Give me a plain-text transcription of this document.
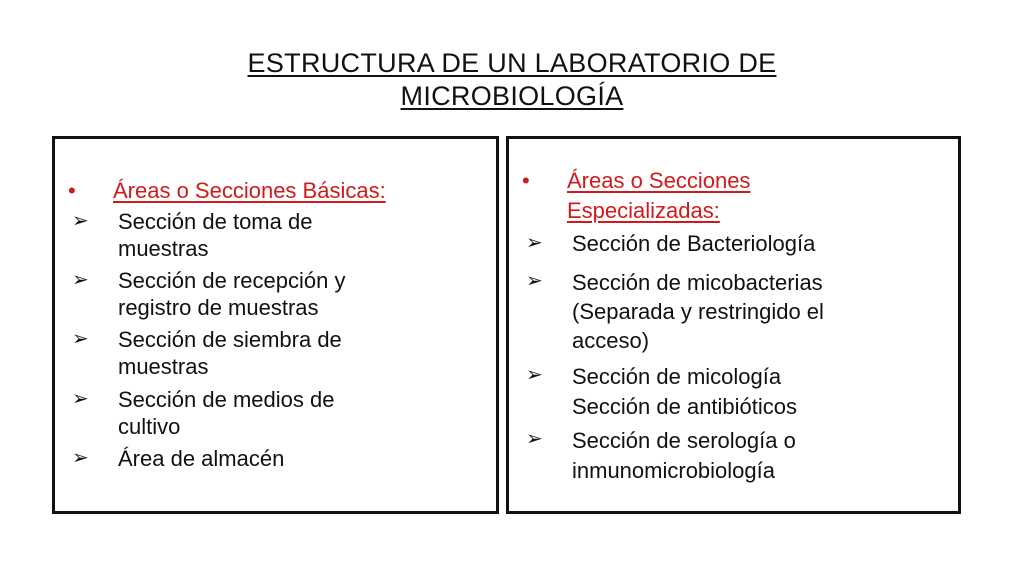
ESTRUCTURA DE UN LABORATORIO DE
MICROBIOLOGÍA
•	Áreas o Secciones Básicas:
➢	Sección de toma de
muestras
➢	Sección de recepción y
registro de muestras
➢	Sección de siembra de
muestras
➢	Sección de medios de
cultivo
➢	Área de almacén
•	Áreas o Secciones
Especializadas:
➢	Sección de Bacteriología
➢	Sección de micobacterias
(Separada y restringido el
acceso)
➢	Sección de micología
Sección de antibióticos
➢	Sección de serología o
inmunomicrobiología
